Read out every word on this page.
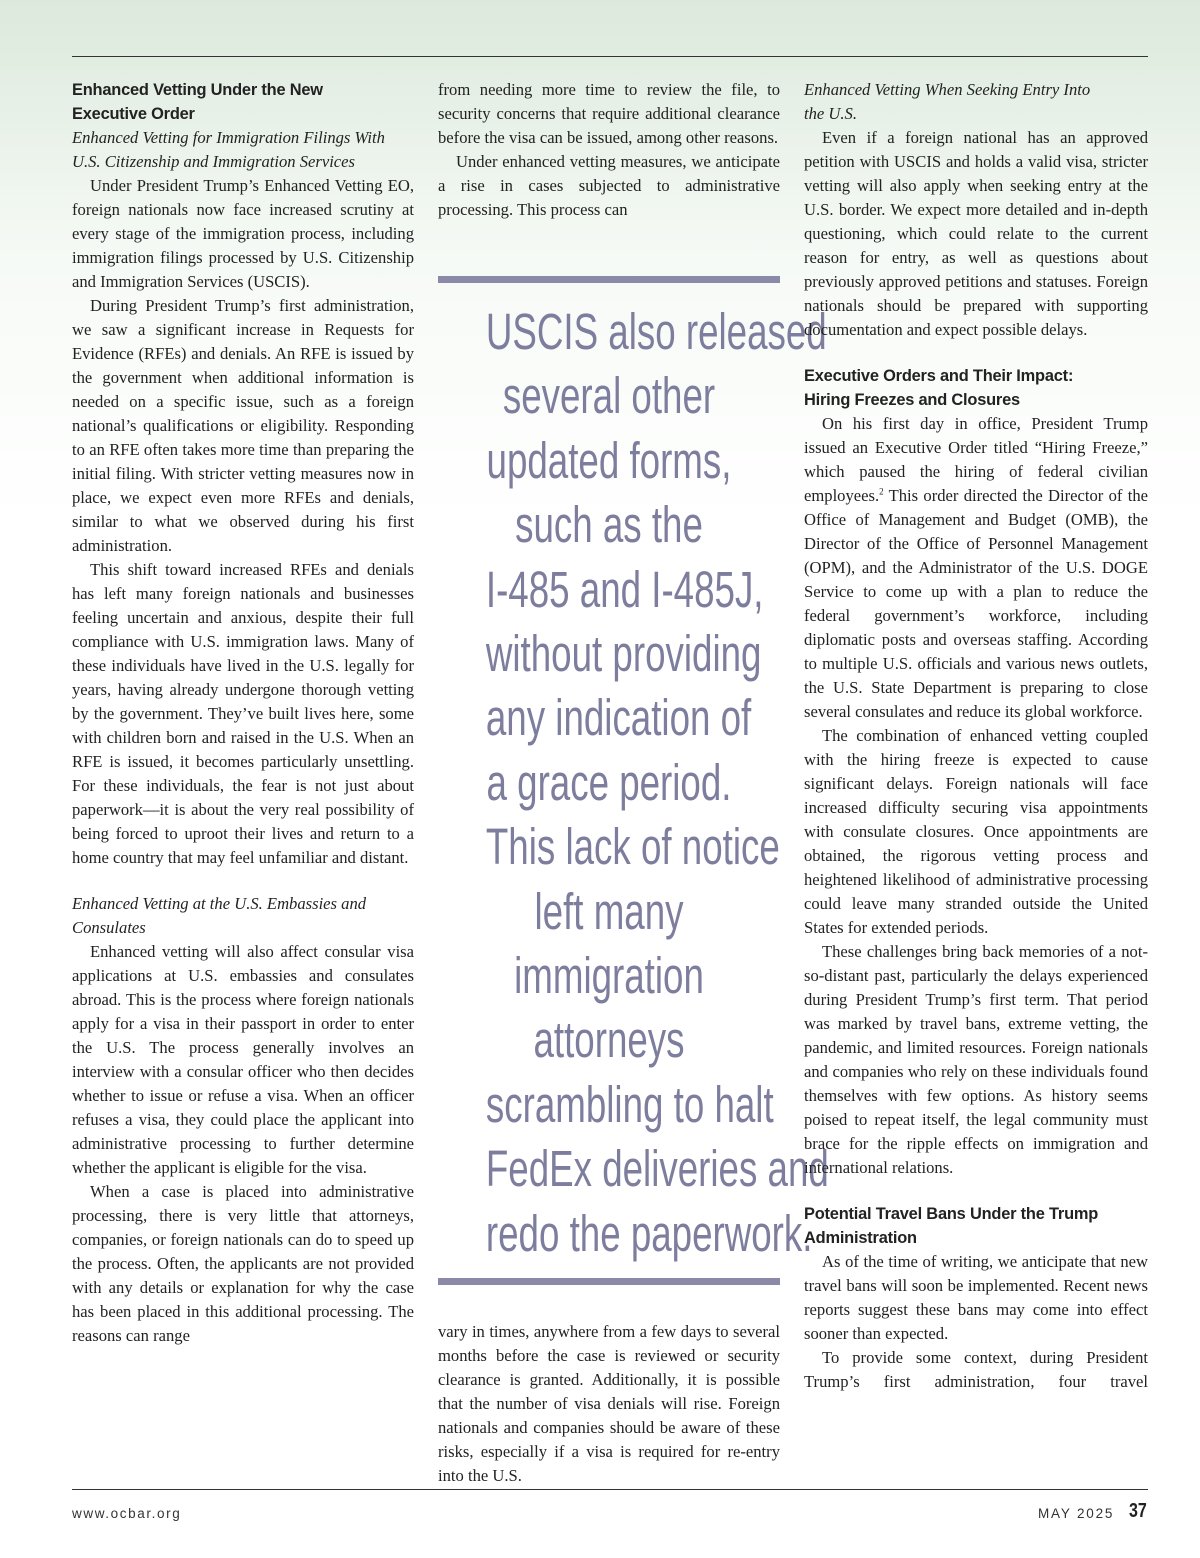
Enhanced Vetting Under the New
Executive Order
Enhanced Vetting for Immigration Filings With
U.S. Citizenship and Immigration Services

Under President Trump’s Enhanced Vetting EO, foreign nationals now face increased scrutiny at every stage of the immigration process, including immigration filings processed by U.S. Citizenship and Immigration Services (USCIS).

During President Trump’s first administration, we saw a significant increase in Requests for Evidence (RFEs) and denials. An RFE is issued by the government when additional information is needed on a specific issue, such as a foreign national’s qualifications or eligibility. Responding to an RFE often takes more time than preparing the initial filing. With stricter vetting measures now in place, we expect even more RFEs and denials, similar to what we observed during his first administration.

This shift toward increased RFEs and denials has left many foreign nationals and businesses feeling uncertain and anxious, despite their full compliance with U.S. immigration laws. Many of these individuals have lived in the U.S. legally for years, having already undergone thorough vetting by the government. They’ve built lives here, some with children born and raised in the U.S. When an RFE is issued, it becomes particularly unsettling. For these individuals, the fear is not just about paperwork—it is about the very real possibility of being forced to uproot their lives and return to a home country that may feel unfamiliar and distant.

Enhanced Vetting at the U.S. Embassies and
Consulates

Enhanced vetting will also affect consular visa applications at U.S. embassies and consulates abroad. This is the process where foreign nationals apply for a visa in their passport in order to enter the U.S. The process generally involves an interview with a consular officer who then decides whether to issue or refuse a visa. When an officer refuses a visa, they could place the applicant into administrative processing to further determine whether the applicant is eligible for the visa.

When a case is placed into administrative processing, there is very little that attorneys, companies, or foreign nationals can do to speed up the process. Often, the applicants are not provided with any details or explanation for why the case has been placed in this additional processing. The reasons can range

from needing more time to review the file, to security concerns that require additional clearance before the visa can be issued, among other reasons.

Under enhanced vetting measures, we anticipate a rise in cases subjected to administrative processing. This process can

USCIS also released
several other
updated forms,
such as the
I-485 and I-485J,
without providing
any indication of
a grace period.
This lack of notice
left many
immigration
attorneys
scrambling to halt
FedEx deliveries and
redo the paperwork.

vary in times, anywhere from a few days to several months before the case is reviewed or security clearance is granted. Additionally, it is possible that the number of visa denials will rise. Foreign nationals and companies should be aware of these risks, especially if a visa is required for re-entry into the U.S.

Enhanced Vetting When Seeking Entry Into
the U.S.

Even if a foreign national has an approved petition with USCIS and holds a valid visa, stricter vetting will also apply when seeking entry at the U.S. border. We expect more detailed and in-depth questioning, which could relate to the current reason for entry, as well as questions about previously approved petitions and statuses. Foreign nationals should be prepared with supporting documentation and expect possible delays.

Executive Orders and Their Impact:
Hiring Freezes and Closures

On his first day in office, President Trump issued an Executive Order titled “Hiring Freeze,” which paused the hiring of federal civilian employees.$^2$ This order directed the Director of the Office of Management and Budget (OMB), the Director of the Office of Personnel Management (OPM), and the Administrator of the U.S. DOGE Service to come up with a plan to reduce the federal government’s workforce, including diplomatic posts and overseas staffing. According to multiple U.S. officials and various news outlets, the U.S. State Department is preparing to close several consulates and reduce its global workforce.

The combination of enhanced vetting coupled with the hiring freeze is expected to cause significant delays. Foreign nationals will face increased difficulty securing visa appointments with consulate closures. Once appointments are obtained, the rigorous vetting process and heightened likelihood of administrative processing could leave many stranded outside the United States for extended periods.

These challenges bring back memories of a not-so-distant past, particularly the delays experienced during President Trump’s first term. That period was marked by travel bans, extreme vetting, the pandemic, and limited resources. Foreign nationals and companies who rely on these individuals found themselves with few options. As history seems poised to repeat itself, the legal community must brace for the ripple effects on immigration and international relations.

Potential Travel Bans Under the Trump
Administration

As of the time of writing, we anticipate that new travel bans will soon be implemented. Recent news reports suggest these bans may come into effect sooner than expected.

To provide some context, during President Trump’s first administration, four travel

www.ocbar.org	MAY 2025 37
